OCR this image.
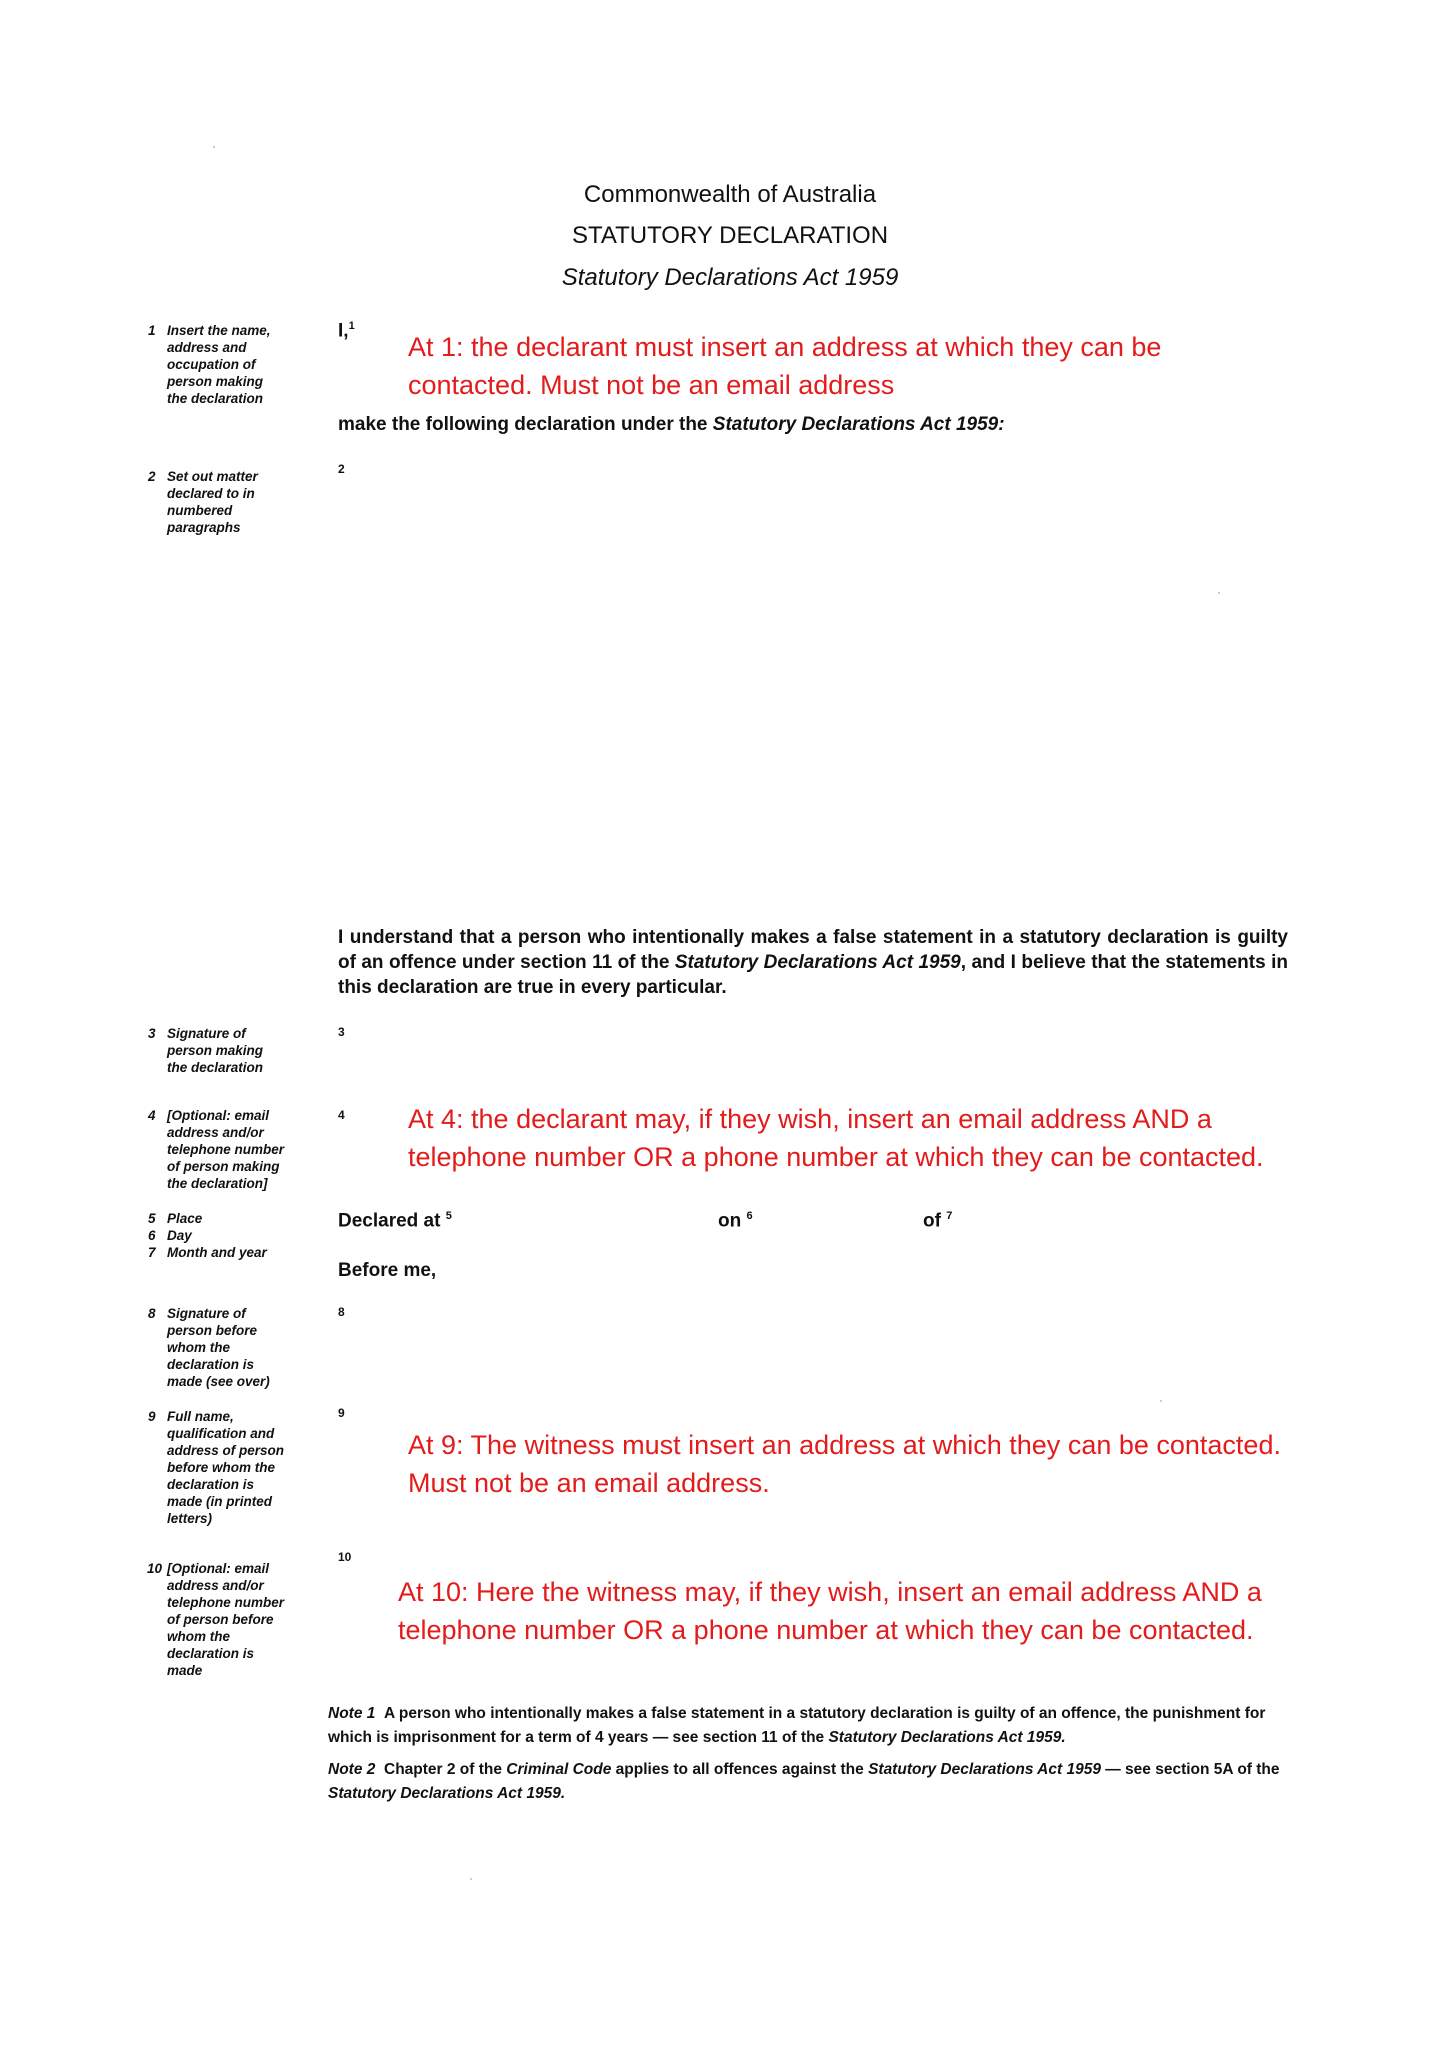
Commonwealth of Australia
STATUTORY DECLARATION
Statutory Declarations Act 1959
1 Insert the name,
address and
occupation of
person making
the declaration
2 Set out matter
declared to in
numbered
paragraphs
3 Signature of
person making
the declaration
4 [Optional: email
address and/or
telephone number
of person making
the declaration]
5
6
7
Place
Day
Month and year
8 Signature of
person before
whom the
declaration is
made (see over)
9 Full name,
qualification and
address of person
before whom the
declaration is
made (in printed
letters)
10 [Optional: email
address and/or
telephone number
of person before
whom the
declaration is
made
I,$^1$
At 1: the declarant must insert an address at which they can be
contacted. Must not be an email address
make the following declaration under the Statutory Declarations Act 1959:
2
I understand that a person who intentionally makes a false statement in a statutory declaration is guilty of an offence under section 11 of the Statutory Declarations Act 1959, and I believe that the statements in this declaration are true in every particular.
3
4 At 4: the declarant may, if they wish, insert an email address AND a
telephone number OR a phone number at which they can be contacted.
Declared at $^5$	on $^6$	of $^7$
Before me,
8
9
At 9: The witness must insert an address at which they can be contacted.
Must not be an email address.
10
At 10: Here the witness may, if they wish, insert an email address AND a
telephone number OR a phone number at which they can be contacted.
Note 1 A person who intentionally makes a false statement in a statutory declaration is guilty of an offence, the punishment for which is imprisonment for a term of 4 years — see section 11 of the Statutory Declarations Act 1959.
Note 2 Chapter 2 of the Criminal Code applies to all offences against the Statutory Declarations Act 1959 — see section 5A of the Statutory Declarations Act 1959.
